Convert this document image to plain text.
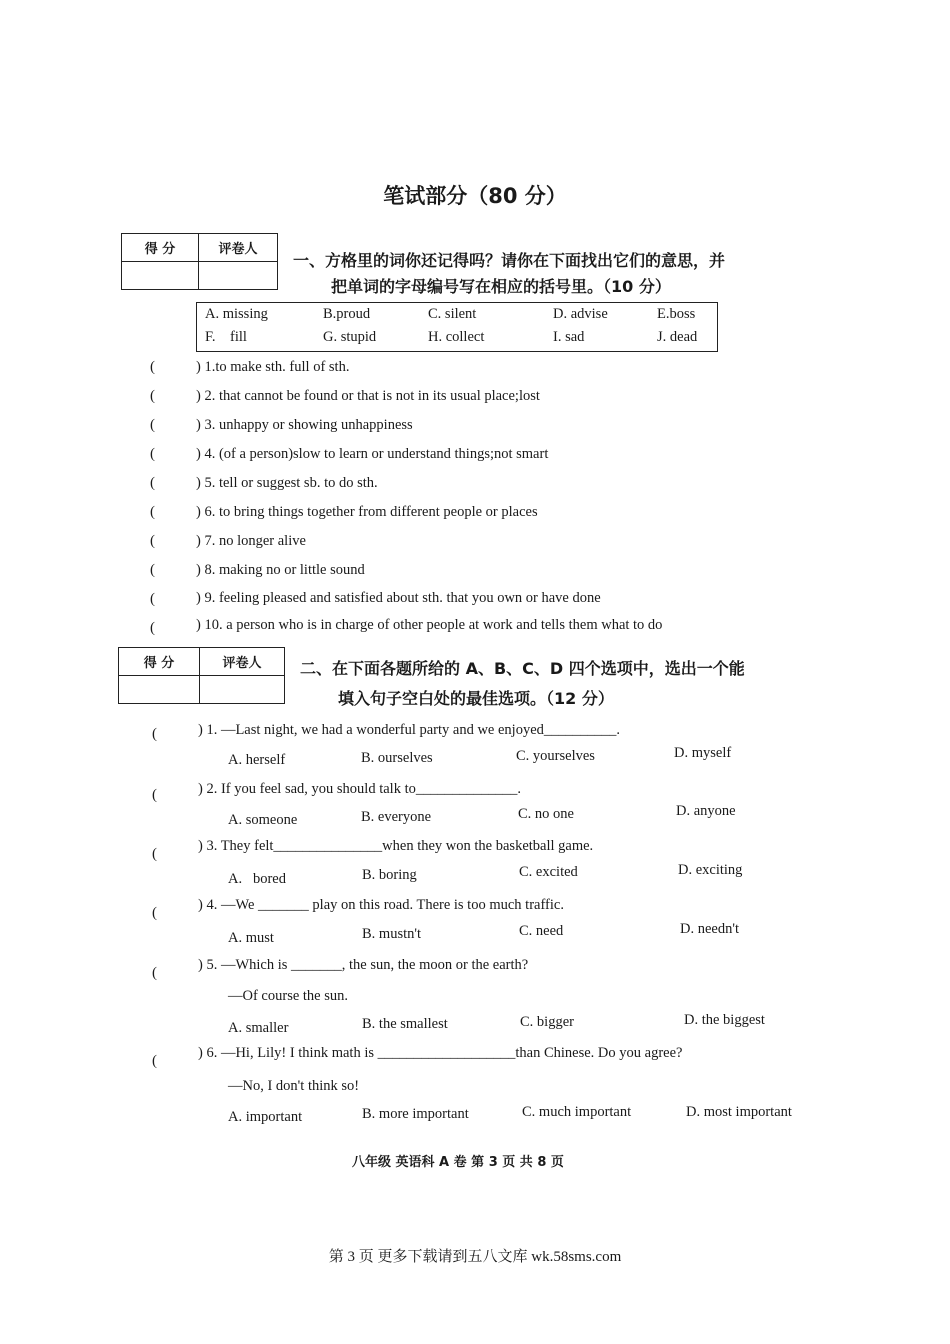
笔试部分（80 分）
得 分	评卷人

一、方格里的词你还记得吗？请你在下面找出它们的意思，并
把单词的字母编号写在相应的括号里。（10 分）
A. missing	B.proud	C. silent	D. advise	E.boss
F.    fill	G. stupid	H. collect	I. sad	J. dead
(	) 1.to make sth. full of sth.
(	) 2. that cannot be found or that is not in its usual place;lost
(	) 3. unhappy or showing unhappiness
(	) 4. (of a person)slow to learn or understand things;not smart
(	) 5. tell or suggest sb. to do sth.
(	) 6. to bring things together from different people or places
(	) 7. no longer alive
(	) 8. making no or little sound
(	) 9. feeling pleased and satisfied about sth. that you own or have done
(	) 10. a person who is in charge of other people at work and tells them what to do
得 分	评卷人
	二、在下面各题所给的 A、B、C、D 四个选项中，选出一个能
填入句子空白处的最佳选项。（12 分）
(	) 1. —Last night, we had a wonderful party and we enjoyed__________.
A. herself	B. ourselves	C. yourselves	D. myself
(	) 2. If you feel sad, you should talk to______________.
A. someone	B. everyone	C. no one	D. anyone
(	) 3. They felt_______________when they won the basketball game.
A.   bored	B. boring	C. excited	D. exciting
(	) 4. —We _______ play on this road. There is too much traffic.
A. must	B. mustn't	C. need	D. needn't
(	) 5. —Which is _______, the sun, the moon or the earth?
—Of course the sun.
A. smaller	B. the smallest	C. bigger	D. the biggest
(	) 6. —Hi, Lily! I think math is ___________________than Chinese. Do you agree?
—No, I don't think so!
A. important	B. more important	C. much important	D. most important
八年级 英语科 A 卷 第 3 页 共 8 页
第 3 页 更多下载请到五八文库 wk.58sms.com
